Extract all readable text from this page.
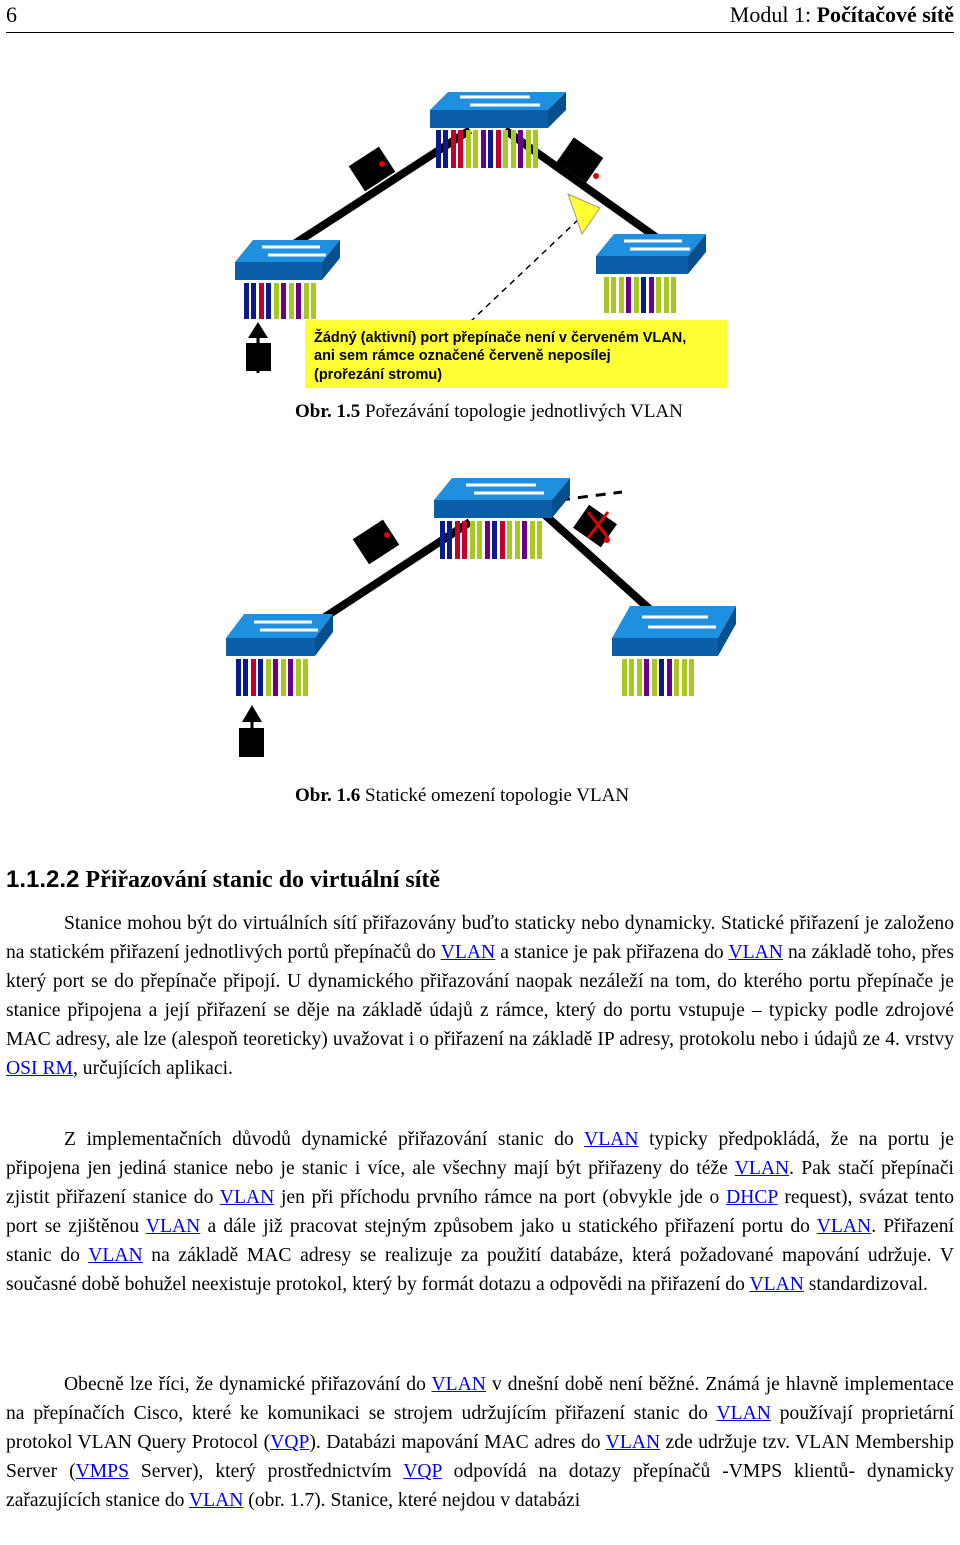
6	Modul 1: Počítačové sítě
Žádný (aktivní) port přepínače není v červeném VLAN,
ani sem rámce označené červeně neposílej
(prořezání stromu)
Obr. 1.5 Pořezávání topologie jednotlivých VLAN
Obr. 1.6 Statické omezení topologie VLAN
1.1.2.2 Přiřazování stanic do virtuální sítě

Stanice mohou být do virtuálních sítí přiřazovány buďto staticky nebo dynamicky. Statické přiřazení je založeno na statickém přiřazení jednotlivých portů přepínačů do VLAN a stanice je pak přiřazena do VLAN na základě toho, přes který port se do přepínače připojí. U dynamického přiřazování naopak nezáleží na tom, do kterého portu přepínače je stanice připojena a její přiřazení se děje na základě údajů z rámce, který do portu vstupuje – typicky podle zdrojové MAC adresy, ale lze (alespoň teoreticky) uvažovat i o přiřazení na základě IP adresy, protokolu nebo i údajů ze 4. vrstvy OSI RM, určujících aplikaci.

Z implementačních důvodů dynamické přiřazování stanic do VLAN typicky předpokládá, že na portu je připojena jen jediná stanice nebo je stanic i více, ale všechny mají být přiřazeny do téže VLAN. Pak stačí přepínači zjistit přiřazení stanice do VLAN jen při příchodu prvního rámce na port (obvykle jde o DHCP request), svázat tento port se zjištěnou VLAN a dále již pracovat stejným způsobem jako u statického přiřazení portu do VLAN. Přiřazení stanic do VLAN na základě MAC adresy se realizuje za použití databáze, která požadované mapování udržuje. V současné době bohužel neexistuje protokol, který by formát dotazu a odpovědi na přiřazení do VLAN standardizoval.

Obecně lze říci, že dynamické přiřazování do VLAN v dnešní době není běžné. Známá je hlavně implementace na přepínačích Cisco, které ke komunikaci se strojem udržujícím přiřazení stanic do VLAN používají proprietární protokol VLAN Query Protocol (VQP). Databázi mapování MAC adres do VLAN zde udržuje tzv. VLAN Membership Server (VMPS Server), který prostřednictvím VQP odpovídá na dotazy přepínačů -VMPS klientů- dynamicky zařazujících stanice do VLAN (obr. 1.7). Stanice, které nejdou v databázi
